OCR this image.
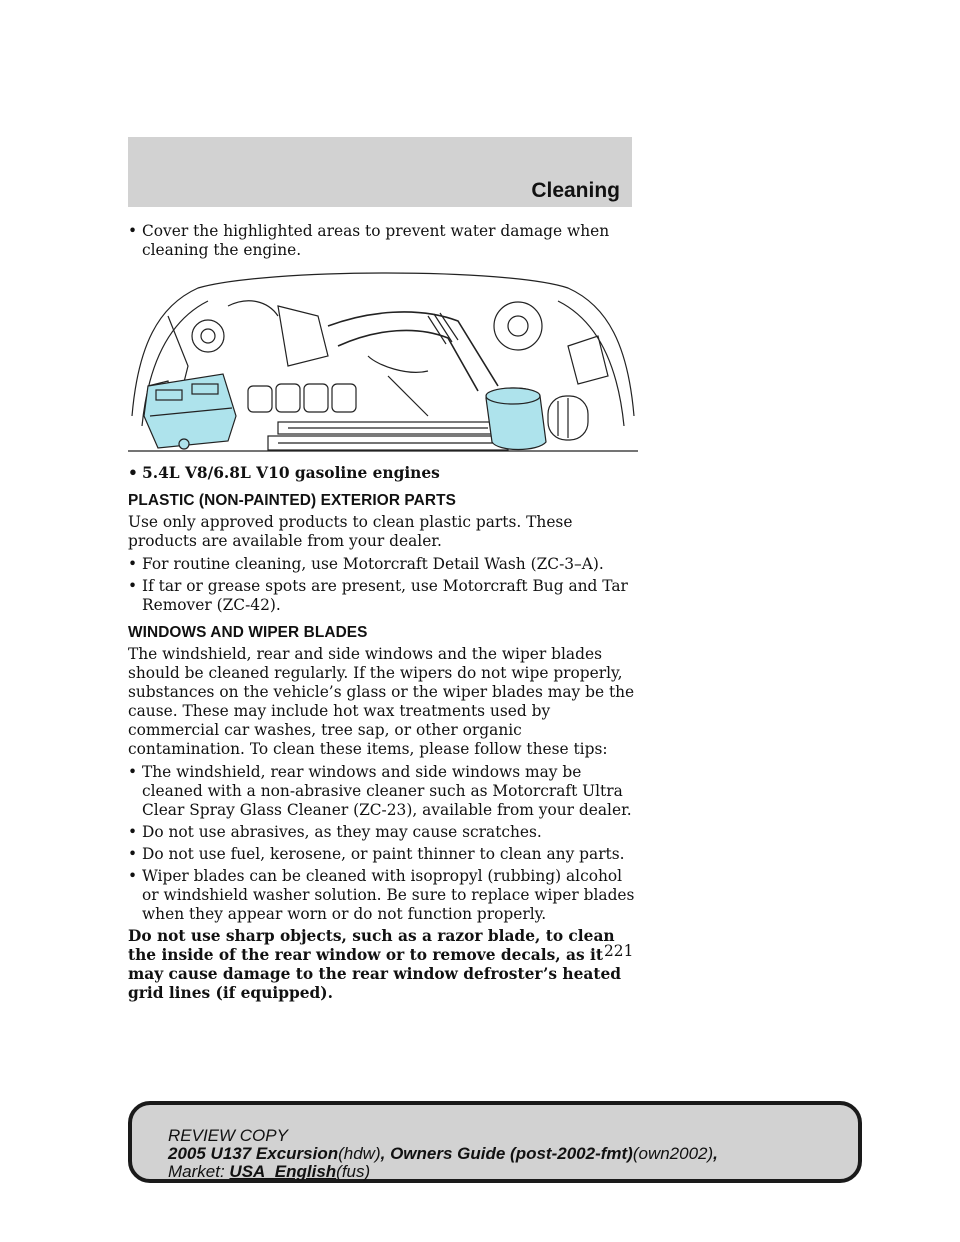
Cleaning
• Cover the highlighted areas to prevent water damage when cleaning the engine.
• 5.4L V8/6.8L V10 gasoline engines
PLASTIC (NON-PAINTED) EXTERIOR PARTS

Use only approved products to clean plastic parts. These products are available from your dealer.

• For routine cleaning, use Motorcraft Detail Wash (ZC-3–A).
• If tar or grease spots are present, use Motorcraft Bug and Tar Remover (ZC-42).
WINDOWS AND WIPER BLADES

The windshield, rear and side windows and the wiper blades should be cleaned regularly. If the wipers do not wipe properly, substances on the vehicle’s glass or the wiper blades may be the cause. These may include hot wax treatments used by commercial car washes, tree sap, or other organic contamination. To clean these items, please follow these tips:

• The windshield, rear windows and side windows may be cleaned with a non-abrasive cleaner such as Motorcraft Ultra Clear Spray Glass Cleaner (ZC-23), available from your dealer.
• Do not use abrasives, as they may cause scratches.
• Do not use fuel, kerosene, or paint thinner to clean any parts.
• Wiper blades can be cleaned with isopropyl (rubbing) alcohol or windshield washer solution. Be sure to replace wiper blades when they appear worn or do not function properly.

Do not use sharp objects, such as a razor blade, to clean the inside of the rear window or to remove decals, as it may cause damage to the rear window defroster’s heated grid lines (if equipped).

221
REVIEW COPY
2005 U137 Excursion(hdw), Owners Guide (post-2002-fmt)(own2002),
Market: USA_English(fus)
